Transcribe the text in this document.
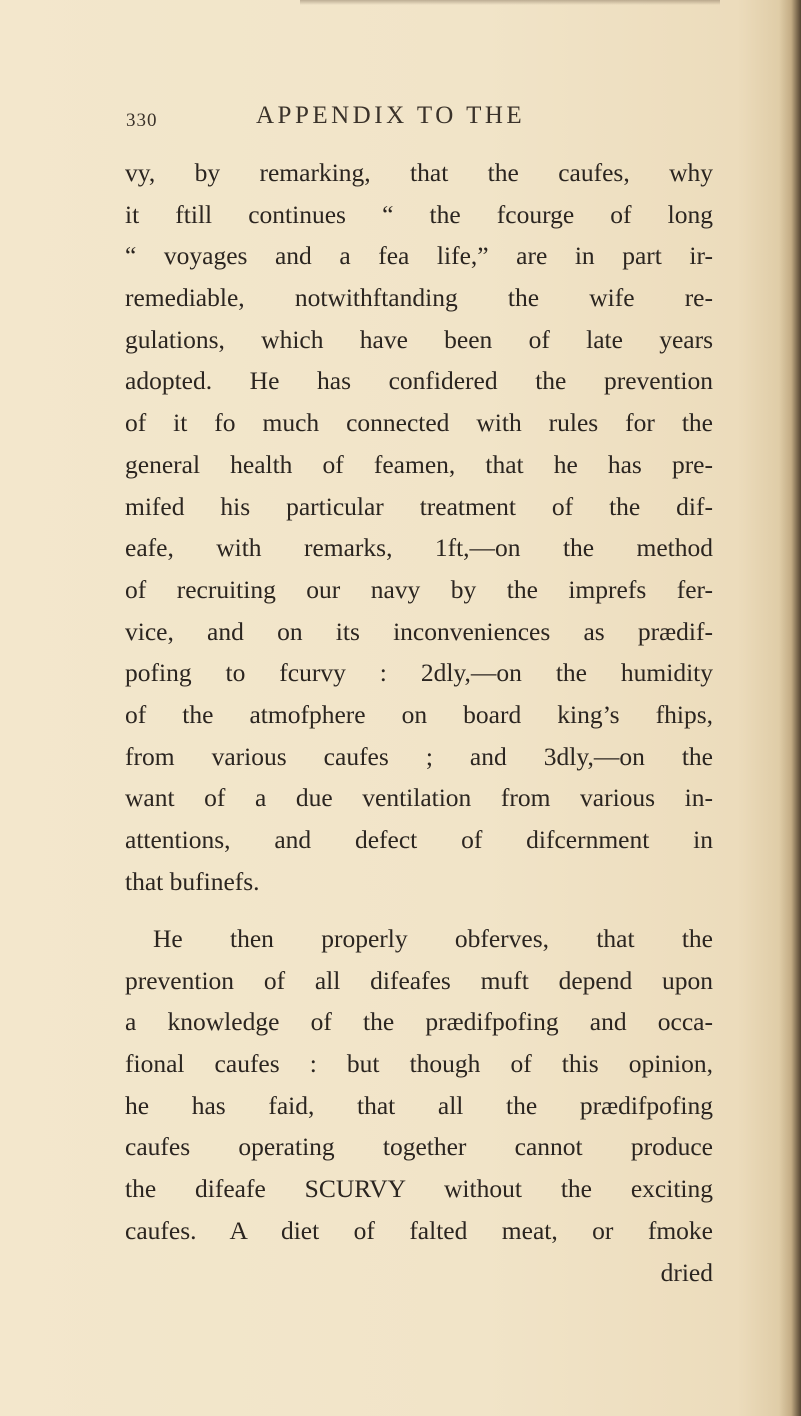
330	APPENDIX TO THE
vy, by remarking, that the caufes, why
it ftill continues “ the fcourge of long
“ voyages and a fea life,” are in part ir-
remediable, notwithftanding the wife re-
gulations, which have been of late years
adopted. He has confidered the prevention
of it fo much connected with rules for the
general health of feamen, that he has pre-
mifed his particular treatment of the dif-
eafe, with remarks, 1ft,—on the method
of recruiting our navy by the imprefs fer-
vice, and on its inconveniences as prædif-
pofing to fcurvy : 2dly,—on the humidity
of the atmofphere on board king’s fhips,
from various caufes ; and 3dly,—on the
want of a due ventilation from various in-
attentions, and defect of difcernment in
that bufinefs.
He then properly obferves, that the
prevention of all difeafes muft depend upon
a knowledge of the prædifpofing and occa-
fional caufes : but though of this opinion,
he has faid, that all the prædifpofing
caufes operating together cannot produce
the difeafe SCURVY without the exciting
caufes. A diet of falted meat, or fmoke
dried
